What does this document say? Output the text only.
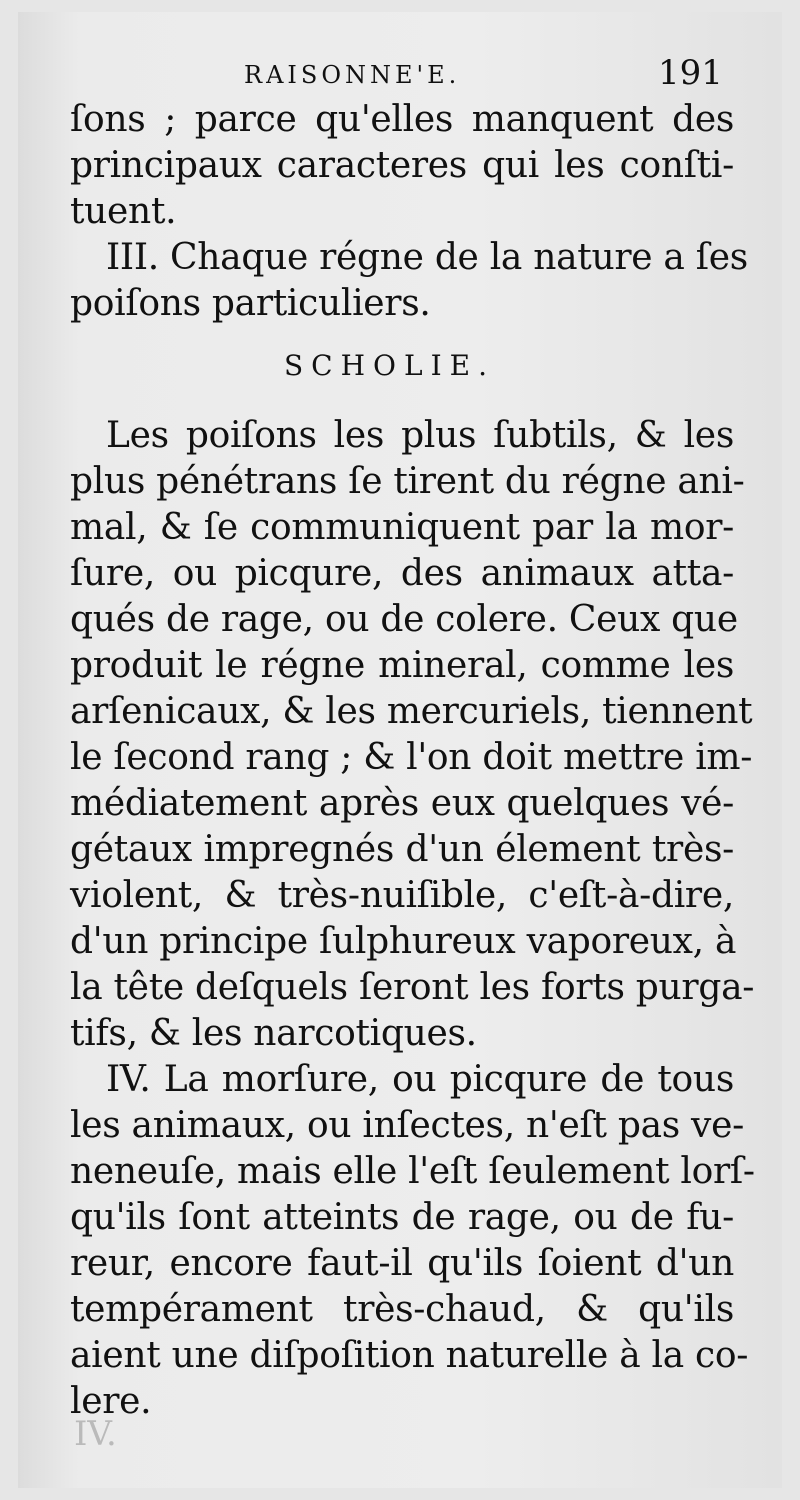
RAISONNE'E.	191
ſons ; parce qu'elles manquent des
principaux caracteres qui les conſti-
tuent.
III. Chaque régne de la nature a ſes
poiſons particuliers.
SCHOLIE.
Les poiſons les plus ſubtils, & les
plus pénétrans ſe tirent du régne ani-
mal, & ſe communiquent par la mor-
ſure, ou picqure, des animaux atta-
qués de rage, ou de colere. Ceux que
produit le régne mineral, comme les
arſenicaux, & les mercuriels, tiennent
le ſecond rang ; & l'on doit mettre im-
médiatement après eux quelques vé-
gétaux impregnés d'un élement très-
violent, & très-nuiſible, c'eſt-à-dire,
d'un principe ſulphureux vaporeux, à
la tête deſquels ſeront les forts purga-
tifs, & les narcotiques.
IV. La morſure, ou picqure de tous
les animaux, ou inſectes, n'eſt pas ve-
neneuſe, mais elle l'eſt ſeulement lorſ-
qu'ils ſont atteints de rage, ou de fu-
reur, encore faut-il qu'ils ſoient d'un
tempérament très-chaud, & qu'ils
aient une diſpoſition naturelle à la co-
lere.
IV.
